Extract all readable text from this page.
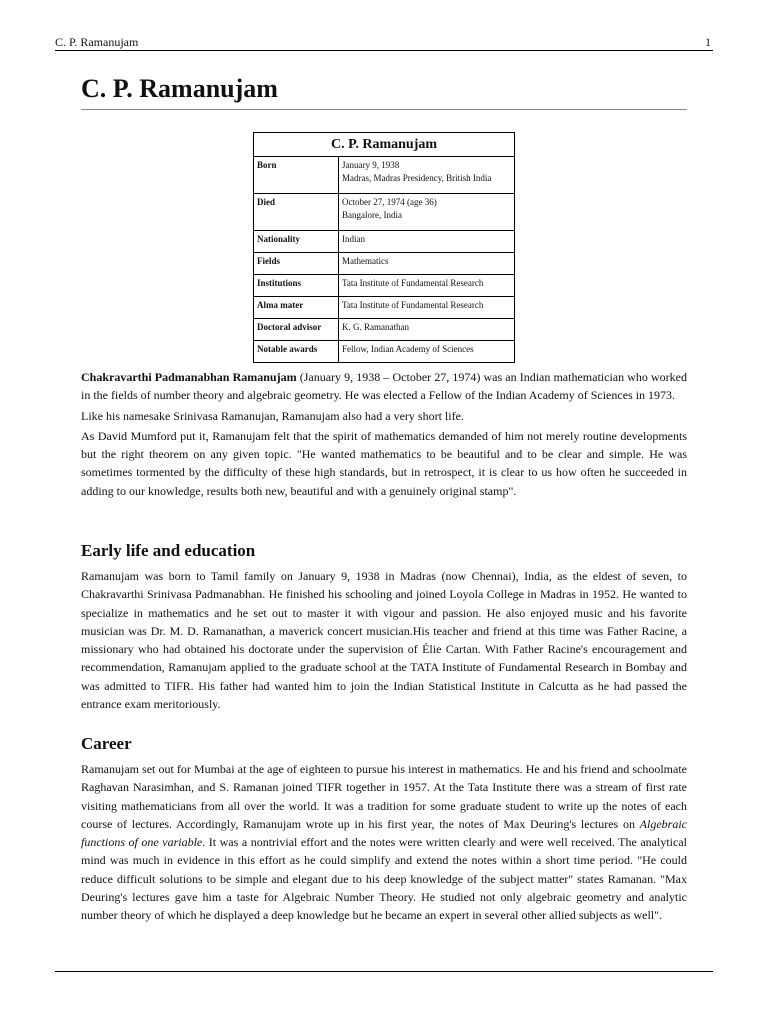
C. P. Ramanujam	1
C. P. Ramanujam
C. P. Ramanujam	
Born	January 9, 1938
Madras, Madras Presidency, British India

Died	October 27, 1974 (age 36)
Bangalore, India

Nationality	Indian
Fields	Mathematics
Institutions	Tata Institute of Fundamental Research
Alma mater	Tata Institute of Fundamental Research
Doctoral advisor	K. G. Ramanathan
Notable awards	Fellow, Indian Academy of Sciences

Chakravarthi Padmanabhan Ramanujam (January 9, 1938 – October 27, 1974) was an Indian mathematician who worked in the fields of number theory and algebraic geometry. He was elected a Fellow of the Indian Academy of Sciences in 1973.

Like his namesake Srinivasa Ramanujan, Ramanujam also had a very short life.

As David Mumford put it, Ramanujam felt that the spirit of mathematics demanded of him not merely routine developments but the right theorem on any given topic. "He wanted mathematics to be beautiful and to be clear and simple. He was sometimes tormented by the difficulty of these high standards, but in retrospect, it is clear to us how often he succeeded in adding to our knowledge, results both new, beautiful and with a genuinely original stamp".

Early life and education

Ramanujam was born to Tamil family on January 9, 1938 in Madras (now Chennai), India, as the eldest of seven, to Chakravarthi Srinivasa Padmanabhan. He finished his schooling and joined Loyola College in Madras in 1952. He wanted to specialize in mathematics and he set out to master it with vigour and passion. He also enjoyed music and his favorite musician was Dr. M. D. Ramanathan, a maverick concert musician.His teacher and friend at this time was Father Racine, a missionary who had obtained his doctorate under the supervision of Élie Cartan. With Father Racine's encouragement and recommendation, Ramanujam applied to the graduate school at the TATA Institute of Fundamental Research in Bombay and was admitted to TIFR. His father had wanted him to join the Indian Statistical Institute in Calcutta as he had passed the entrance exam meritoriously.

Career

Ramanujam set out for Mumbai at the age of eighteen to pursue his interest in mathematics. He and his friend and schoolmate Raghavan Narasimhan, and S. Ramanan joined TIFR together in 1957. At the Tata Institute there was a stream of first rate visiting mathematicians from all over the world. It was a tradition for some graduate student to write up the notes of each course of lectures. Accordingly, Ramanujam wrote up in his first year, the notes of Max Deuring's lectures on Algebraic functions of one variable. It was a nontrivial effort and the notes were written clearly and were well received. The analytical mind was much in evidence in this effort as he could simplify and extend the notes within a short time period. "He could reduce difficult solutions to be simple and elegant due to his deep knowledge of the subject matter" states Ramanan. "Max Deuring's lectures gave him a taste for Algebraic Number Theory. He studied not only algebraic geometry and analytic number theory of which he displayed a deep knowledge but he became an expert in several other allied subjects as well".
